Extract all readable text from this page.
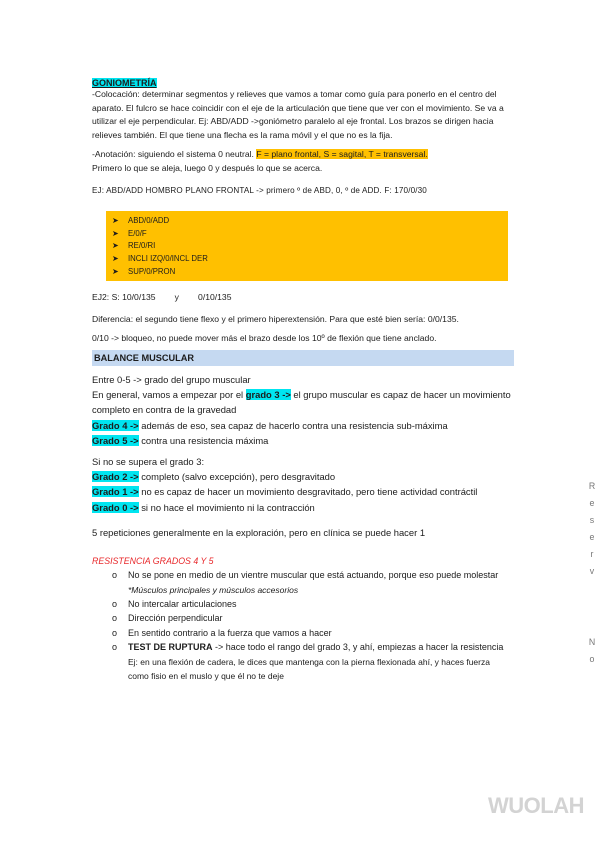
GONIOMETRÍA

-Colocación: determinar segmentos y relieves que vamos a tomar como guía para ponerlo en el centro del aparato. El fulcro se hace coincidir con el eje de la articulación que tiene que ver con el movimiento. Se va a utilizar el eje perpendicular. Ej: ABD/ADD ->goniómetro paralelo al eje frontal. Los brazos se dirigen hacia relieves también. El que tiene una flecha es la rama móvil y el que no es la fija.

-Anotación: siguiendo el sistema 0 neutral. F = plano frontal, S = sagital, T = transversal.
Primero lo que se aleja, luego 0 y después lo que se acerca.

EJ: ABD/ADD HOMBRO PLANO FRONTAL -> primero º de ABD, 0, º de ADD. F: 170/0/30

➤	ABD/0/ADD
➤	E/0/F
➤	RE/0/RI
➤	INCLI IZQ/0/INCL DER
➤	SUP/0/PRON

EJ2: S: 10/0/135        y        0/10/135

Diferencia: el segundo tiene flexo y el primero hiperextensión. Para que esté bien sería: 0/0/135.

0/10 -> bloqueo, no puede mover más el brazo desde los 10º de flexión que tiene anclado.

BALANCE MUSCULAR

Entre 0-5 -> grado del grupo muscular

En general, vamos a empezar por el grado 3 -> el grupo muscular es capaz de hacer un movimiento completo en contra de la gravedad

Grado 4 -> además de eso, sea capaz de hacerlo contra una resistencia sub-máxima

Grado 5 -> contra una resistencia máxima

Si no se supera el grado 3:

Grado 2 -> completo (salvo excepción), pero desgravitado

Grado 1 -> no es capaz de hacer un movimiento desgravitado, pero tiene actividad contráctil

Grado 0 -> si no hace el movimiento ni la contracción

5 repeticiones generalmente en la exploración, pero en clínica se puede hacer 1

RESISTENCIA GRADOS 4 Y 5

o	No se pone en medio de un vientre muscular que está actuando, porque eso puede molestar
*Músculos principales y músculos accesorios
o	No intercalar articulaciones
o	Dirección perpendicular
o	En sentido contrario a la fuerza que vamos a hacer
o	TEST DE RUPTURA -> hace todo el rango del grado 3, y ahí, empiezas a hacer la resistencia
Ej: en una flexión de cadera, le dices que mantenga con la pierna flexionada ahí, y haces fuerza como fisio en el muslo y que él no te deje
R
e
s
e
r
v
N
o
WUOLAH
